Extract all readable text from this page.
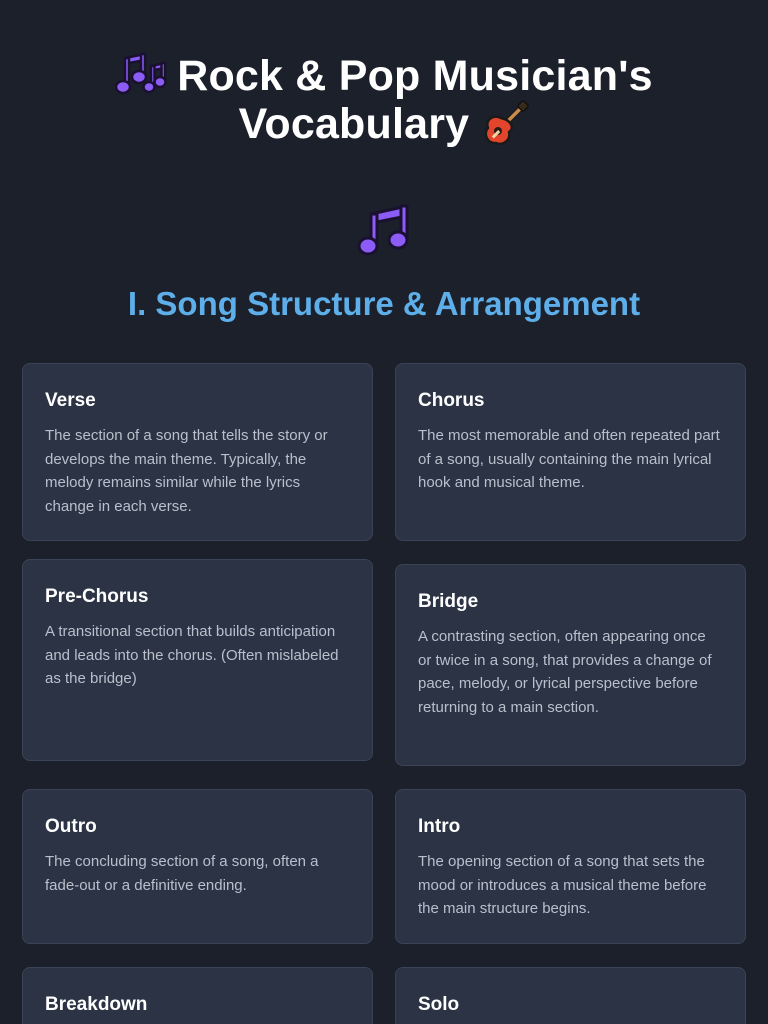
Rock & Pop Musician's
Vocabulary
I. Song Structure & Arrangement
Verse

The section of a song that tells the story or develops the main theme. Typically, the melody remains similar while the lyrics change in each verse.

Chorus

The most memorable and often repeated part of a song, usually containing the main lyrical hook and musical theme.

Pre-Chorus

A transitional section that builds anticipation and leads into the chorus. (Often mislabeled as the bridge)

Bridge

A contrasting section, often appearing once or twice in a song, that provides a change of pace, melody, or lyrical perspective before returning to a main section.

Outro

The concluding section of a song, often a fade-out or a definitive ending.

Intro

The opening section of a song that sets the mood or introduces a musical theme before the main structure begins.

Breakdown	Solo
